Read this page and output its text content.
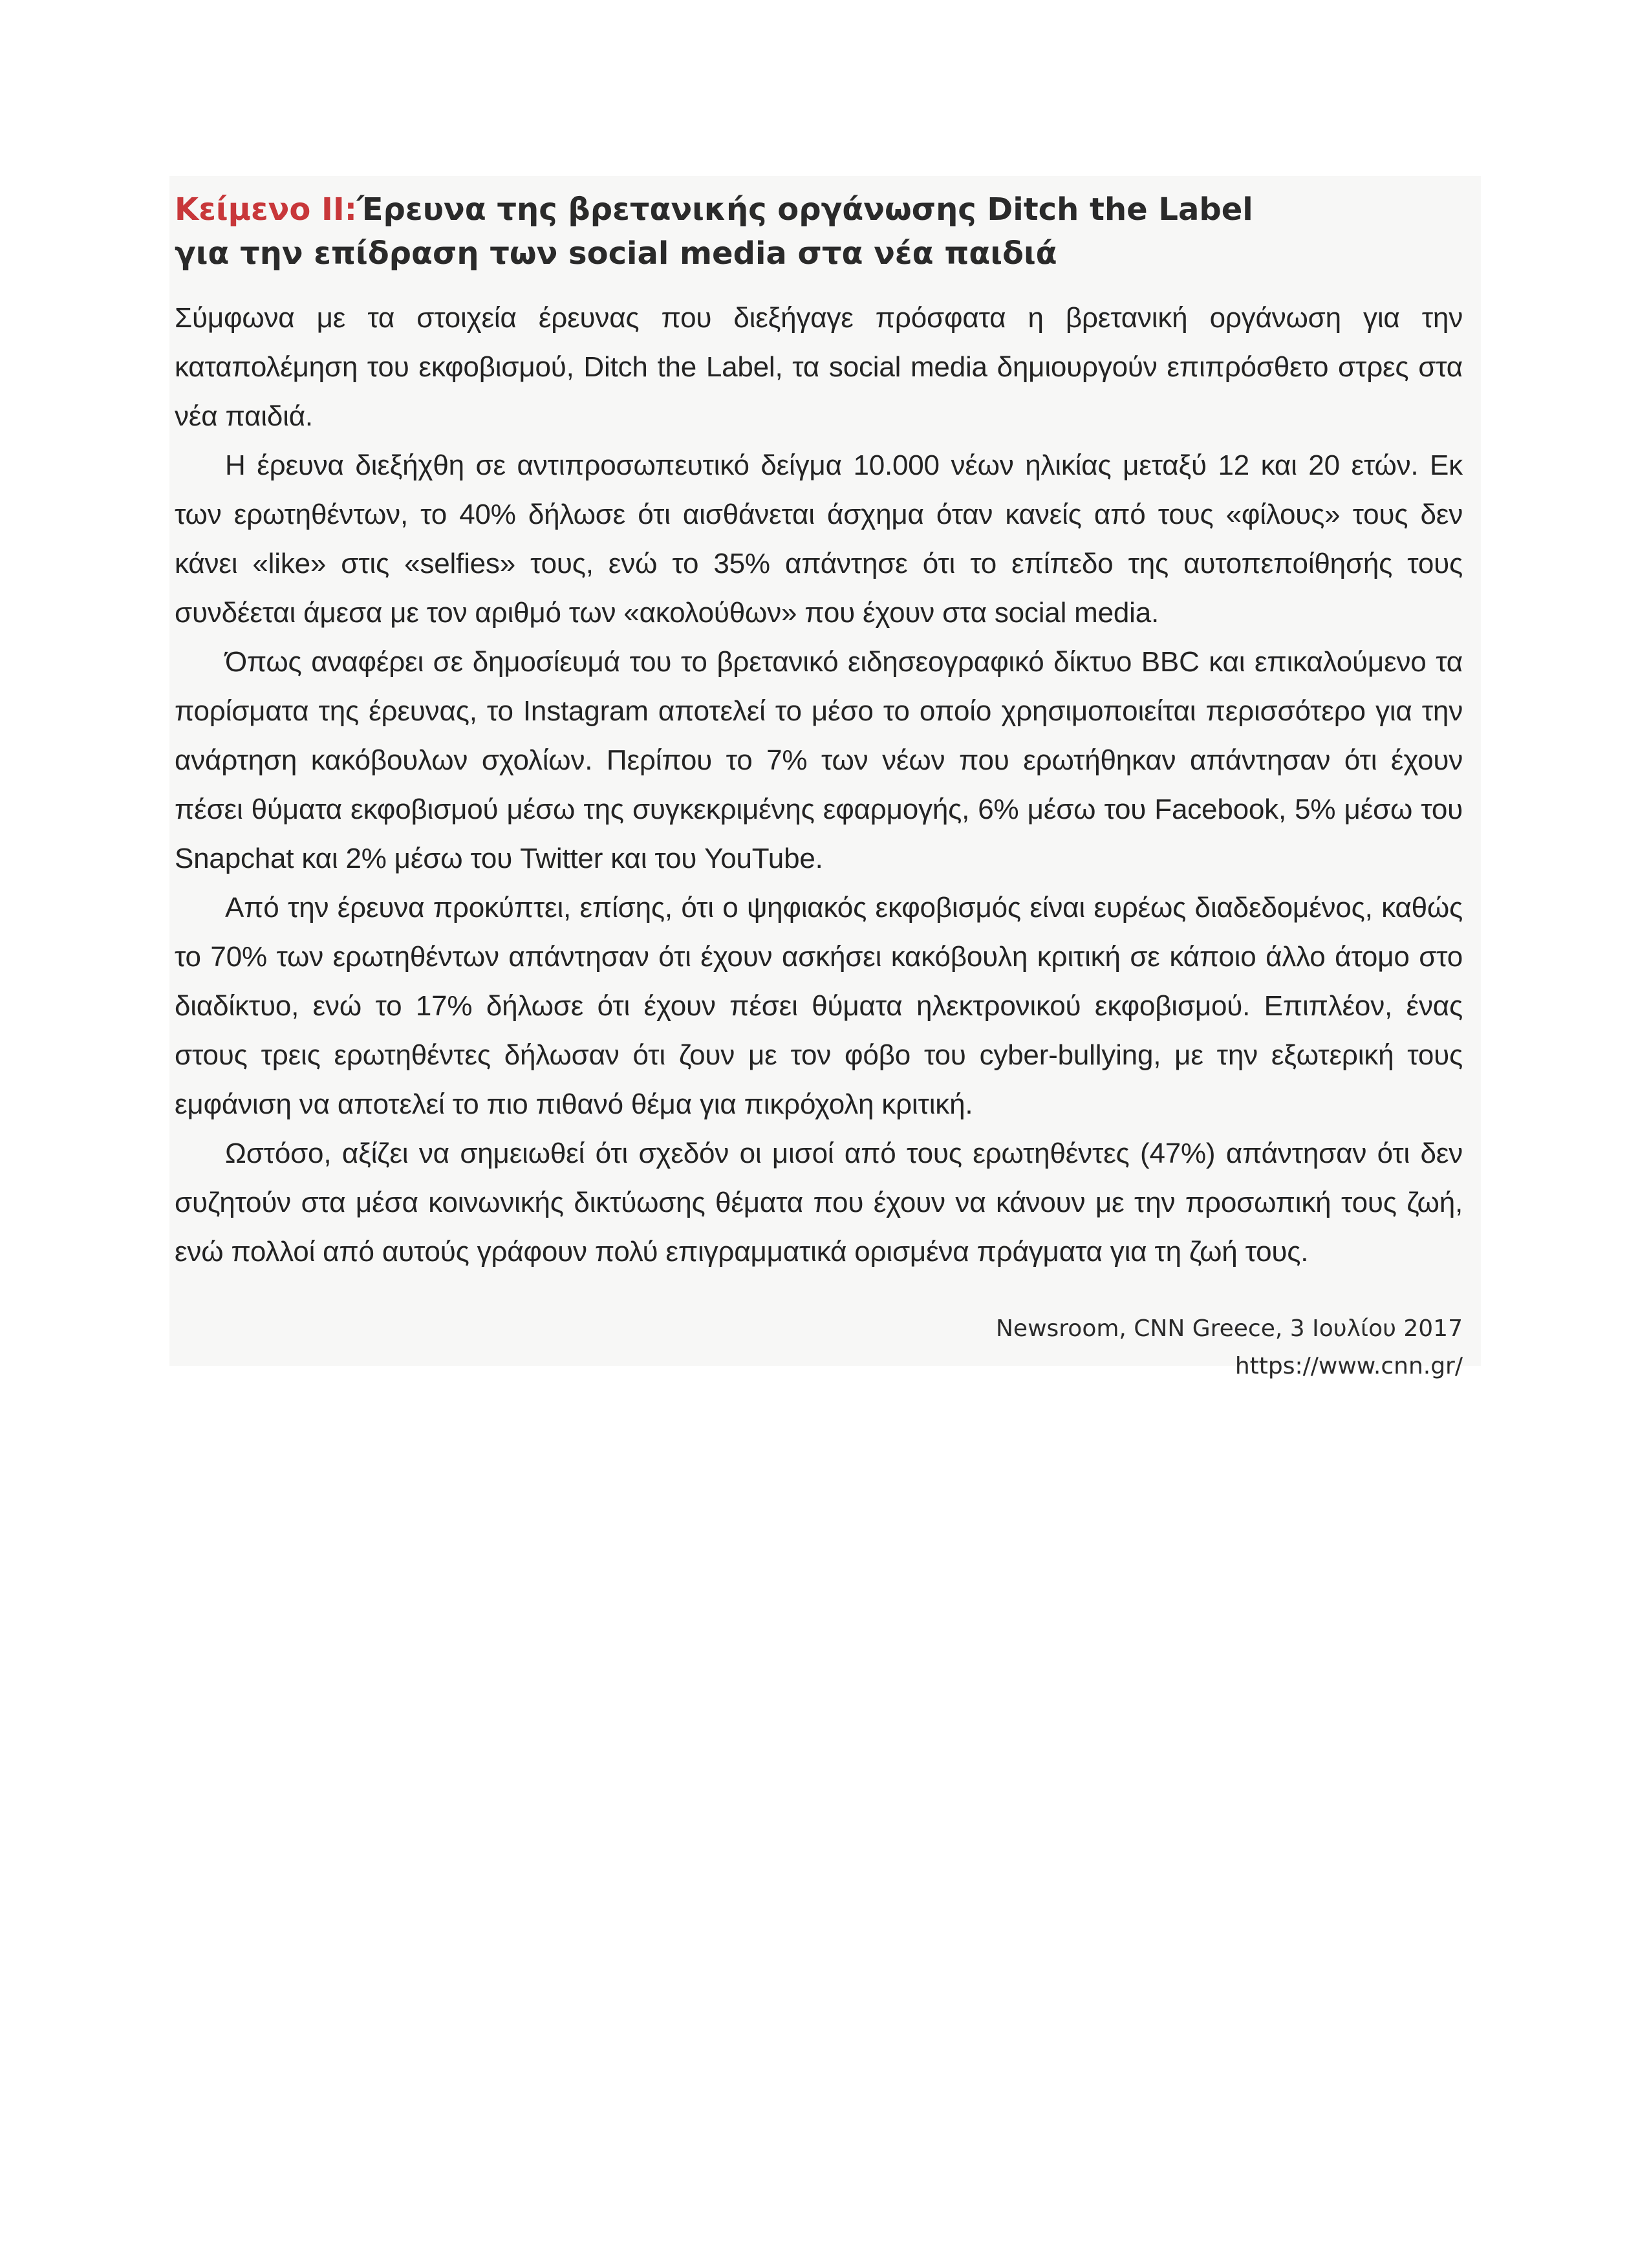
Κείμενο ΙΙ:Έρευνα της βρετανικής οργάνωσης Ditch the Label
για την επίδραση των social media στα νέα παιδιά

Σύμφωνα με τα στοιχεία έρευνας που διεξήγαγε πρόσφατα η βρετανική οργάνωση για την καταπολέμηση του εκφοβισμού, Ditch the Label, τα social media δημιουργούν επιπρόσθετο στρες στα νέα παιδιά.

Η έρευνα διεξήχθη σε αντιπροσωπευτικό δείγμα 10.000 νέων ηλικίας μεταξύ 12 και 20 ετών. Εκ των ερωτηθέντων, το 40% δήλωσε ότι αισθάνεται άσχημα όταν κανείς από τους «φίλους» τους δεν κάνει «like» στις «selfies» τους, ενώ το 35% απάντησε ότι το επίπεδο της αυτοπεποίθησής τους συνδέεται άμεσα με τον αριθμό των «ακολούθων» που έχουν στα social media.

Όπως αναφέρει σε δημοσίευμά του το βρετανικό ειδησεογραφικό δίκτυο BBC και επικαλούμενο τα πορίσματα της έρευνας, το Instagram αποτελεί το μέσο το οποίο χρησιμοποιείται περισσότερο για την ανάρτηση κακόβουλων σχολίων. Περίπου το 7% των νέων που ερωτήθηκαν απάντησαν ότι έχουν πέσει θύματα εκφοβισμού μέσω της συγκεκριμένης εφαρμογής, 6% μέσω του Facebook, 5% μέσω του Snapchat και 2% μέσω του Twitter και του YouTube.

Από την έρευνα προκύπτει, επίσης, ότι ο ψηφιακός εκφοβισμός είναι ευρέως διαδεδομένος, καθώς το 70% των ερωτηθέντων απάντησαν ότι έχουν ασκήσει κακόβουλη κριτική σε κάποιο άλλο άτομο στο διαδίκτυο, ενώ το 17% δήλωσε ότι έχουν πέσει θύματα ηλεκτρονικού εκφοβισμού. Επιπλέον, ένας στους τρεις ερωτηθέντες δήλωσαν ότι ζουν με τον φόβο του cyber-bullying, με την εξωτερική τους εμφάνιση να αποτελεί το πιο πιθανό θέμα για πικρόχολη κριτική.

Ωστόσο, αξίζει να σημειωθεί ότι σχεδόν οι μισοί από τους ερωτηθέντες (47%) απάντησαν ότι δεν συζητούν στα μέσα κοινωνικής δικτύωσης θέματα που έχουν να κάνουν με την προσωπική τους ζωή, ενώ πολλοί από αυτούς γράφουν πολύ επιγραμματικά ορισμένα πράγματα για τη ζωή τους.

Newsroom, CNN Greece, 3 Ιουλίου 2017
https://www.cnn.gr/
